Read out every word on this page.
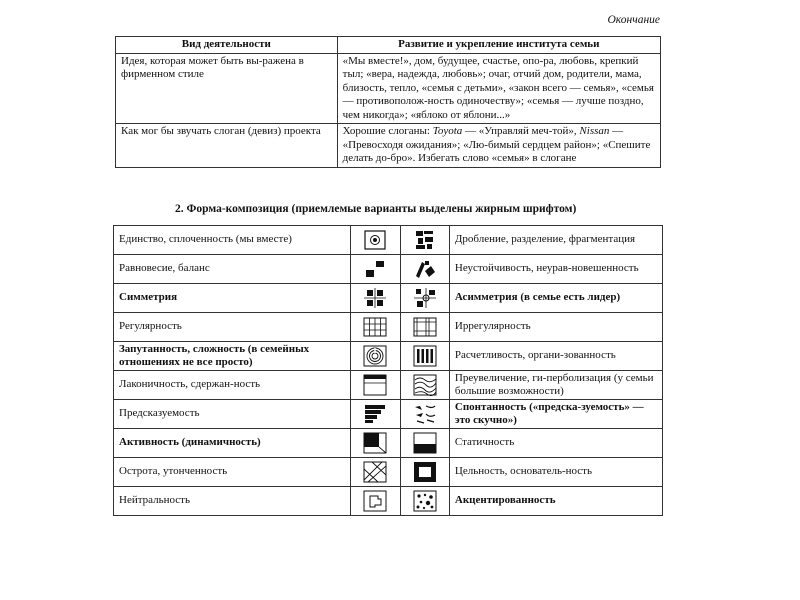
Окончание
Вид деятельности	Развитие и укрепление института семьи
Идея, которая может быть вы-ражена в фирменном стиле	«Мы вместе!», дом, будущее, счастье, опо-ра, любовь, крепкий тыл; «вера, надежда, любовь»; очаг, отчий дом, родители, мама, близость, тепло, «семья с детьми», «закон всего — семья», «семья — противополож-ность одиночеству»; «семья — лучше поздно, чем никогда»; «яблоко от яблони...»
Как мог бы звучать слоган (девиз) проекта	Хорошие слоганы: Toyota — «Управляй меч-той», Nissan — «Превосходя ожидания»; «Лю-бимый сердцем район»; «Спешите делать до-бро». Избегать слово «семья» в слогане
2. Форма-композиция (приемлемые варианты выделены жирным шрифтом)
Единство, сплоченность (мы вместе)			Дробление, разделение, фрагментация
Равновесие, баланс			Неустойчивость, неурав-новешенность
Симметрия			Асимметрия (в семье есть лидер)
Регулярность			Иррегулярность
Запутанность, сложность (в семейных отношениях не все просто)			Расчетливость, органи-зованность
Лаконичность, сдержан-ность			Преувеличение, ги-перболизация (у семьи большие возможности)
Предсказуемость			Спонтанность («предска-зуемость» — это скучно»)
Активность (динамичность)			Статичность
Острота, утонченность			Цельность, основатель-ность
Нейтральность			Акцентированность
